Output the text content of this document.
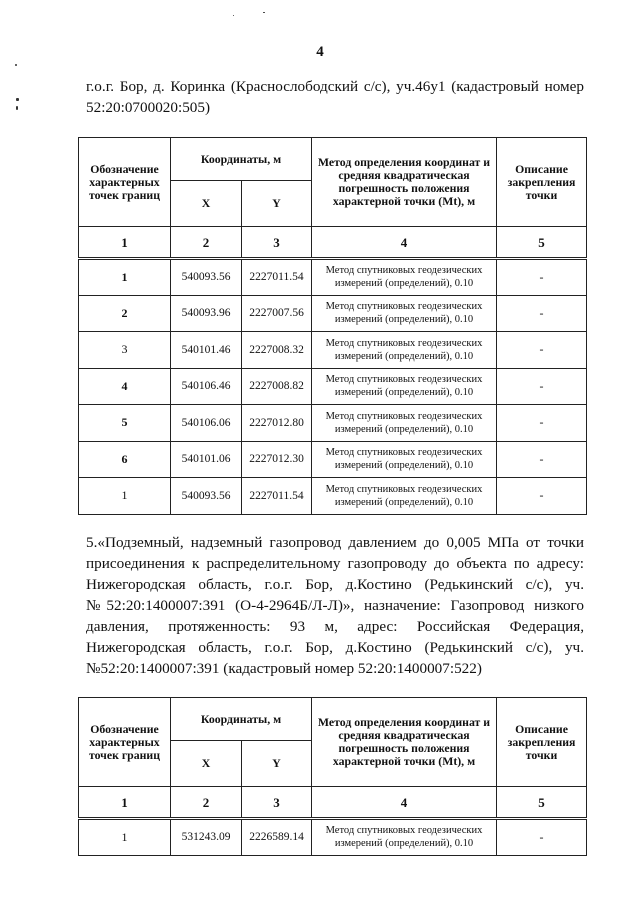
4
г.о.г. Бор, д. Коринка (Краснослободский с/с), уч.46у1 (кадастровый номер 52:20:0700020:505)
Обозначение характерных точек границ	Координаты, м		Метод определения координат и средняя квадратическая погрешность положения характерной точки (Mt), м	Описание закрепления точки
	X	Y		
1	2	3	4	5
1	540093.56	2227011.54	Метод спутниковых геодезических измерений (определений), 0.10	-
2	540093.96	2227007.56	Метод спутниковых геодезических измерений (определений), 0.10	-
3	540101.46	2227008.32	Метод спутниковых геодезических измерений (определений), 0.10	-
4	540106.46	2227008.82	Метод спутниковых геодезических измерений (определений), 0.10	-
5	540106.06	2227012.80	Метод спутниковых геодезических измерений (определений), 0.10	-
6	540101.06	2227012.30	Метод спутниковых геодезических измерений (определений), 0.10	-
1	540093.56	2227011.54	Метод спутниковых геодезических измерений (определений), 0.10	-
5.«Подземный, надземный газопровод давлением до 0,005 МПа от точки присоединения к распределительному газопроводу до объекта по адресу: Нижегородская область, г.о.г. Бор, д.Костино (Редькинский с/с), уч.№52:20:1400007:391 (О-4-2964Б/Л-Л)», назначение: Газопровод низкого давления, протяженность: 93 м, адрес: Российская Федерация, Нижегородская область, г.о.г. Бор, д.Костино (Редькинский с/с), уч.№52:20:1400007:391 (кадастровый номер 52:20:1400007:522)
Обозначение характерных точек границ	Координаты, м		Метод определения координат и средняя квадратическая погрешность положения характерной точки (Mt), м	Описание закрепления точки
	X	Y		
1	2	3	4	5
1	531243.09	2226589.14	Метод спутниковых геодезических измерений (определений), 0.10	-
